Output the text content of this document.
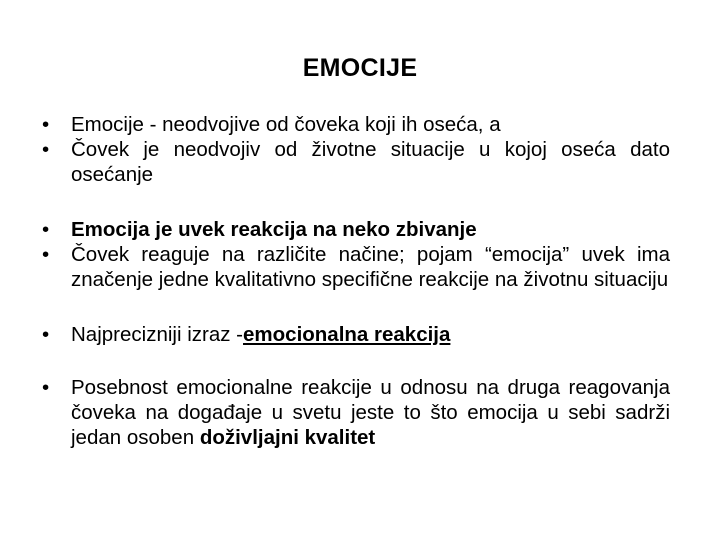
EMOCIJE
• Emocije - neodvojive od čoveka koji ih oseća, a
• Čovek je neodvojiv od životne situacije u kojoj oseća dato osećanje
• Emocija je uvek reakcija na neko zbivanje
• Čovek reaguje na različite načine; pojam “emocija” uvek ima značenje jedne kvalitativno specifične reakcije na životnu situaciju
• Najprecizniji izraz -emocionalna reakcija
• Posebnost emocionalne reakcije u odnosu na druga reagovanja čoveka na događaje u svetu jeste to što emocija u sebi sadrži jedan osoben doživljajni kvalitet
